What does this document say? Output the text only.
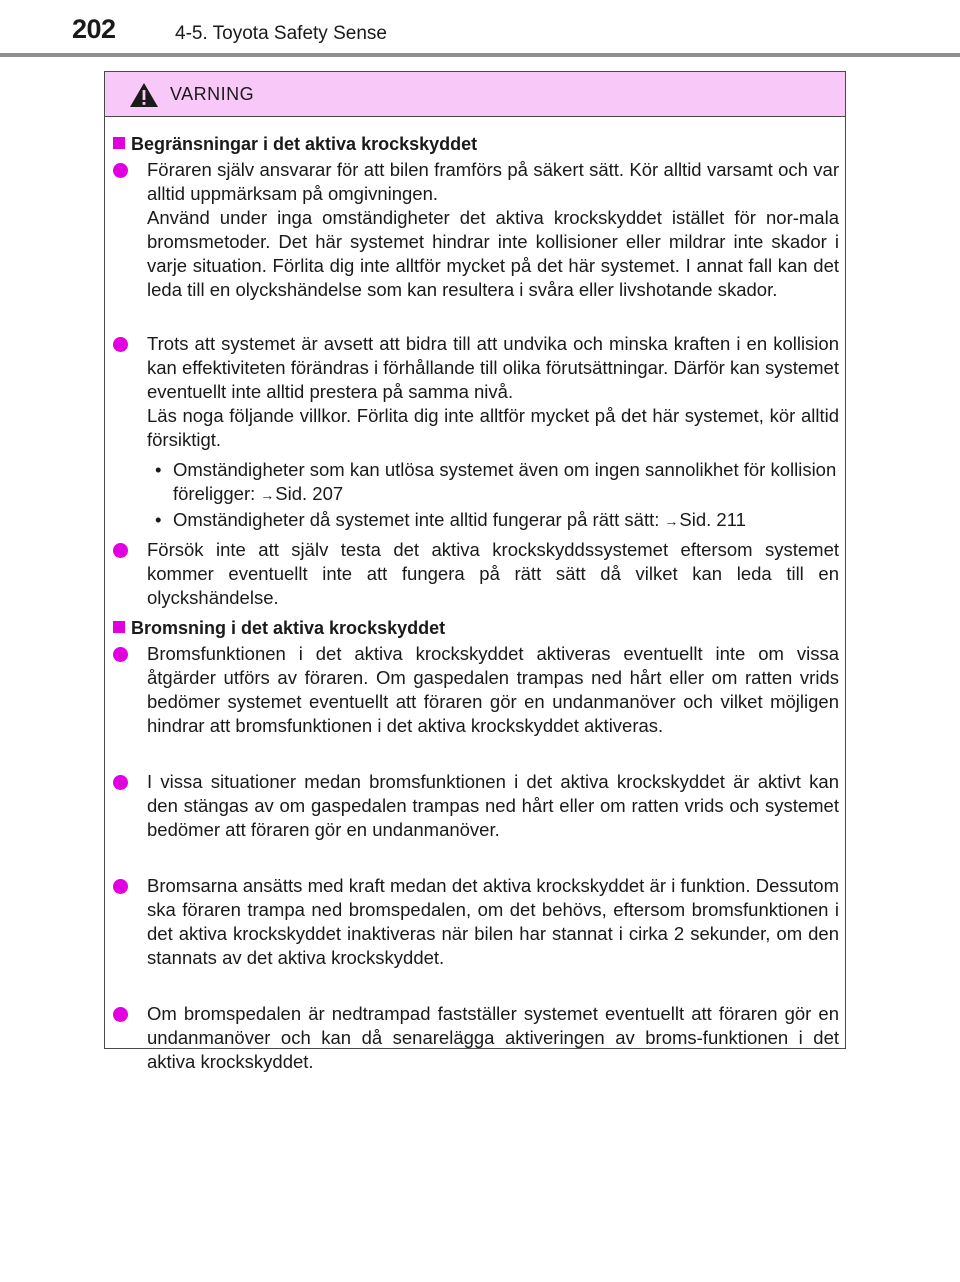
202	4-5. Toyota Safety Sense
VARNING
Begränsningar i det aktiva krockskyddet

Föraren själv ansvarar för att bilen framförs på säkert sätt. Kör alltid varsamt och var alltid uppmärksam på omgivningen.

Använd under inga omständigheter det aktiva krockskyddet istället för nor-mala bromsmetoder. Det här systemet hindrar inte kollisioner eller mildrar inte skador i varje situation. Förlita dig inte alltför mycket på det här systemet. I annat fall kan det leda till en olyckshändelse som kan resultera i svåra eller livshotande skador.

Trots att systemet är avsett att bidra till att undvika och minska kraften i en kollision kan effektiviteten förändras i förhållande till olika förutsättningar. Därför kan systemet eventuellt inte alltid prestera på samma nivå.

Läs noga följande villkor. Förlita dig inte alltför mycket på det här systemet, kör alltid försiktigt.

• Omständigheter som kan utlösa systemet även om ingen sannolikhet för kollision föreligger: →Sid. 207

• Omständigheter då systemet inte alltid fungerar på rätt sätt: →Sid. 211

Försök inte att själv testa det aktiva krockskyddssystemet eftersom systemet kommer eventuellt inte att fungera på rätt sätt då vilket kan leda till en olyckshändelse.

Bromsning i det aktiva krockskyddet

Bromsfunktionen i det aktiva krockskyddet aktiveras eventuellt inte om vissa åtgärder utförs av föraren. Om gaspedalen trampas ned hårt eller om ratten vrids bedömer systemet eventuellt att föraren gör en undanmanöver och vilket möjligen hindrar att bromsfunktionen i det aktiva krockskyddet aktiveras.

I vissa situationer medan bromsfunktionen i det aktiva krockskyddet är aktivt kan den stängas av om gaspedalen trampas ned hårt eller om ratten vrids och systemet bedömer att föraren gör en undanmanöver.

Bromsarna ansätts med kraft medan det aktiva krockskyddet är i funktion. Dessutom ska föraren trampa ned bromspedalen, om det behövs, eftersom bromsfunktionen i det aktiva krockskyddet inaktiveras när bilen har stannat i cirka 2 sekunder, om den stannats av det aktiva krockskyddet.

Om bromspedalen är nedtrampad fastställer systemet eventuellt att föraren gör en undanmanöver och kan då senarelägga aktiveringen av broms-funktionen i det aktiva krockskyddet.
